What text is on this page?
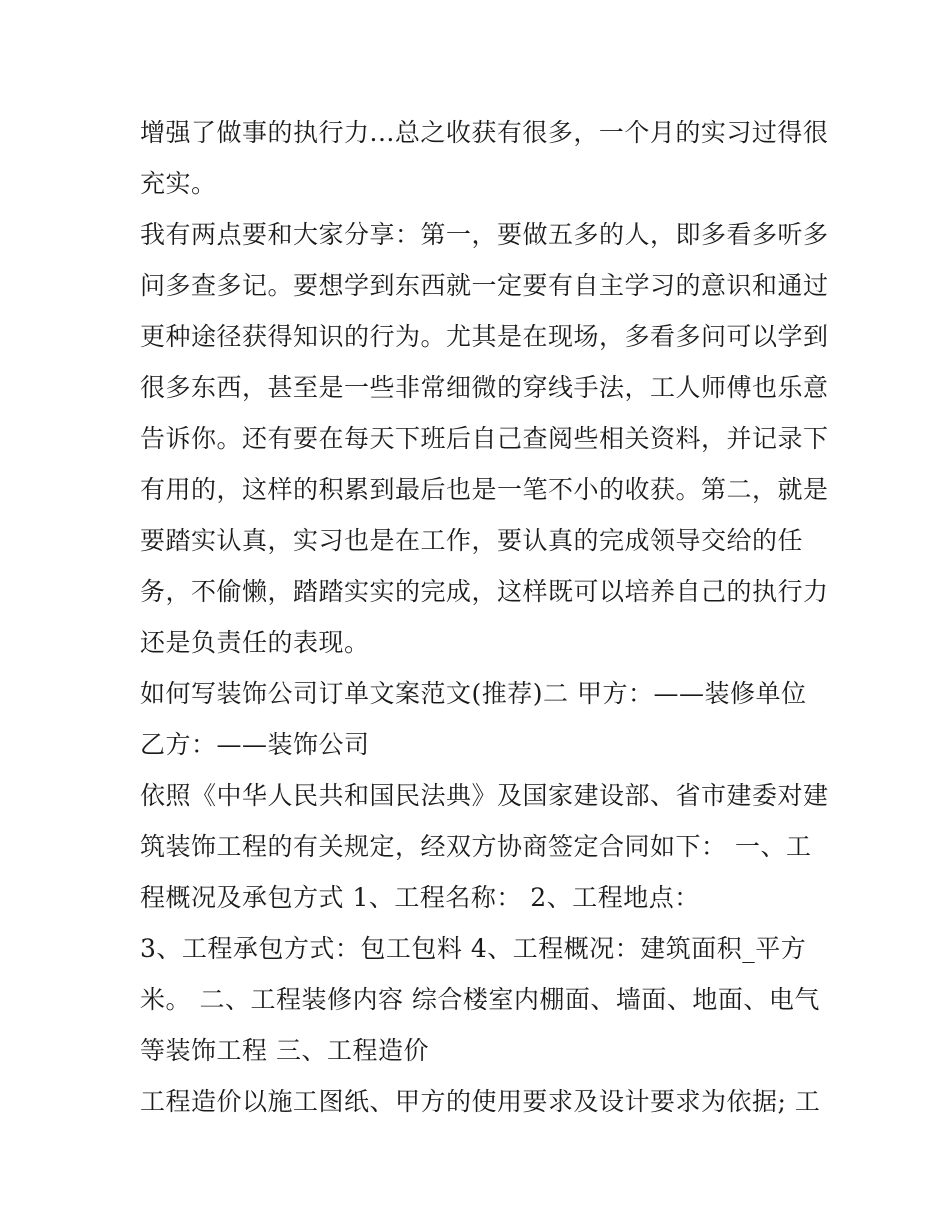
增强了做事的执行力...总之收获有很多，一个月的实习过得很
充实。
我有两点要和大家分享：第一，要做五多的人，即多看多听多
问多查多记。要想学到东西就一定要有自主学习的意识和通过
更种途径获得知识的行为。尤其是在现场，多看多问可以学到
很多东西，甚至是一些非常细微的穿线手法，工人师傅也乐意
告诉你。还有要在每天下班后自己查阅些相关资料，并记录下
有用的，这样的积累到最后也是一笔不小的收获。第二，就是
要踏实认真，实习也是在工作，要认真的完成领导交给的任
务，不偷懒，踏踏实实的完成，这样既可以培养自己的执行力
还是负责任的表现。
如何写装饰公司订单文案范文(推荐)二 甲方：——装修单位
乙方：——装饰公司
依照《中华人民共和国民法典》及国家建设部、省市建委对建
筑装饰工程的有关规定，经双方协商签定合同如下： 一、工
程概况及承包方式 1、工程名称： 2、工程地点：
3、工程承包方式：包工包料 4、工程概况：建筑面积_平方
米。 二、工程装修内容 综合楼室内棚面、墙面、地面、电气
等装饰工程 三、工程造价
工程造价以施工图纸、甲方的使用要求及设计要求为依据; 工
